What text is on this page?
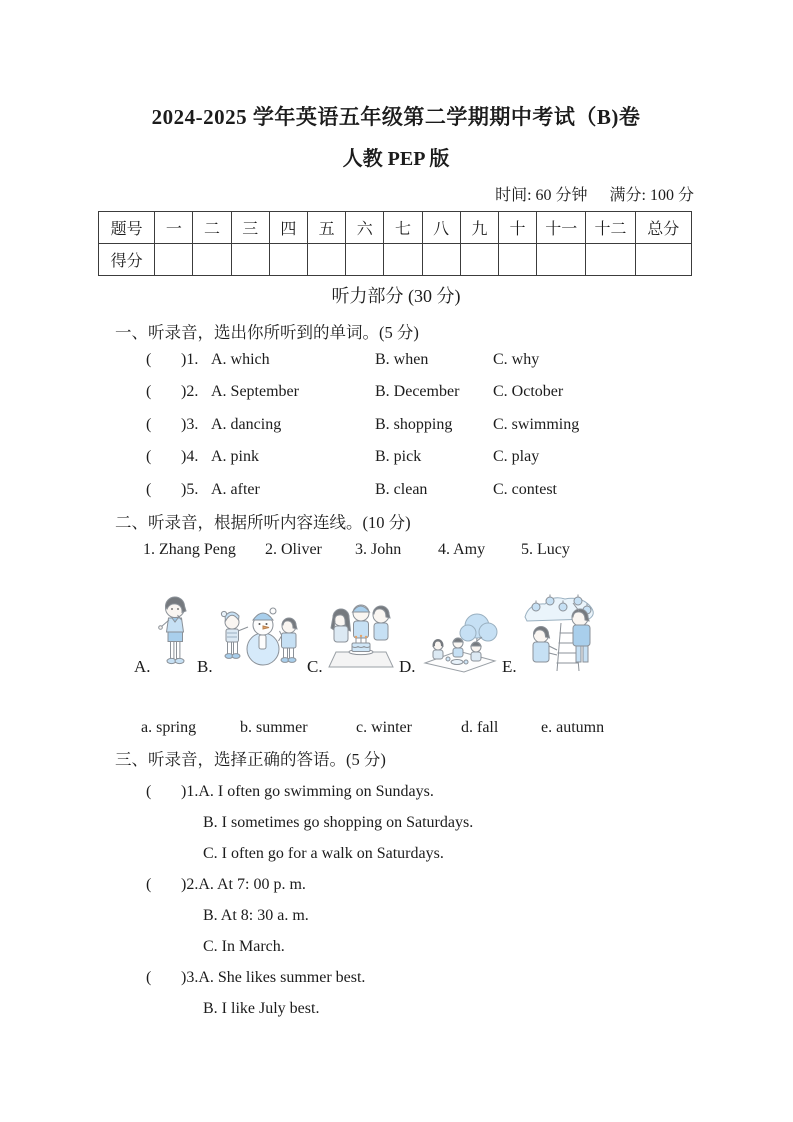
2024-2025 学年英语五年级第二学期期中考试（B)卷
人教 PEP 版
时间: 60 分钟 满分: 100 分
题号	一	二	三	四	五	六	七	八	九	十	十一	十二	总分
得分													
听力部分 (30 分)
一、听录音，选出你所听到的单词。(5 分)
(	)1. A. which	B. when	C. why
(	)2. A. September	B. December	C. October
(	)3. A. dancing	B. shopping	C. swimming
(	)4. A. pink	B. pick	C. play
(	)5. A. after	B. clean	C. contest
二、听录音，根据所听内容连线。(10 分)
1. Zhang Peng	2. Oliver	3. John	4. Amy	5. Lucy
A.	B.	C.	D.	E.
a. spring	b. summer	c. winter	d. fall	e. autumn
三、听录音，选择正确的答语。(5 分)
(	)1.A. I often go swimming on Sundays.
B. I sometimes go shopping on Saturdays.
C. I often go for a walk on Saturdays.
(	)2.A. At 7: 00 p. m.
B. At 8: 30 a. m.
C. In March.
(	)3.A. She likes summer best.
B. I like July best.
